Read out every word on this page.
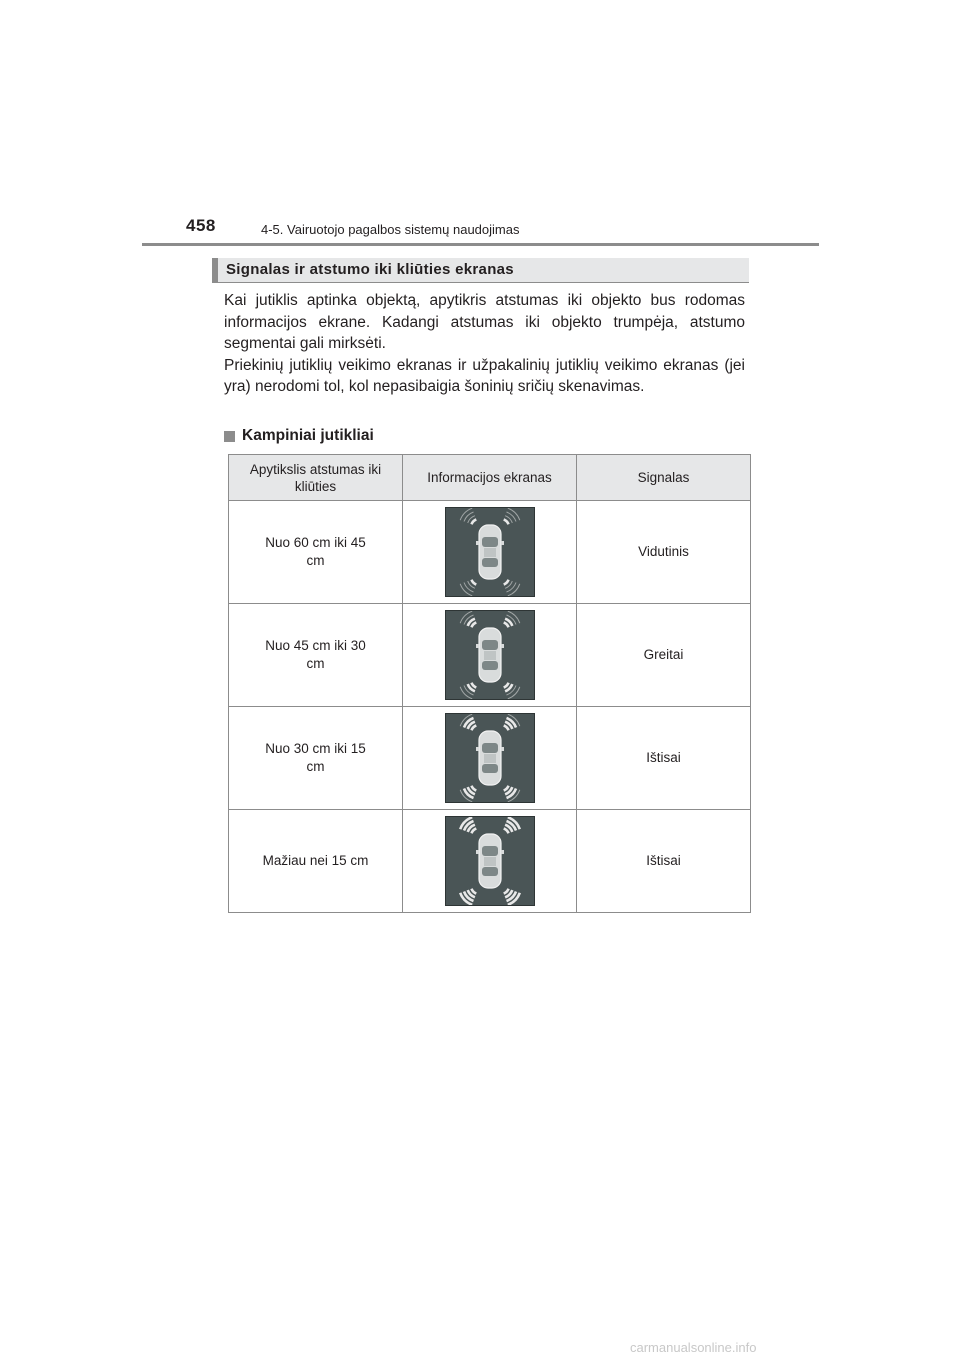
458	4-5. Vairuotojo pagalbos sistemų naudojimas
Signalas ir atstumo iki kliūties ekranas

Kai jutiklis aptinka objektą, apytikris atstumas iki objekto bus rodomas informacijos ekrane. Kadangi atstumas iki objekto trumpėja, atstumo segmentai gali mirksėti.

Priekinių jutiklių veikimo ekranas ir užpakalinių jutiklių veikimo ekranas (jei yra) nerodomi tol, kol nepasibaigia šoninių sričių skenavimas.

Kampiniai jutikliai
Apytikslis atstumas iki kliūties	Informacijos ekranas	Signalas
Nuo 60 cm iki 45 cm		Vidutinis
Nuo 45 cm iki 30 cm		Greitai
Nuo 30 cm iki 15 cm		Ištisai
Mažiau nei 15 cm		Ištisai
carmanualsonline.info
